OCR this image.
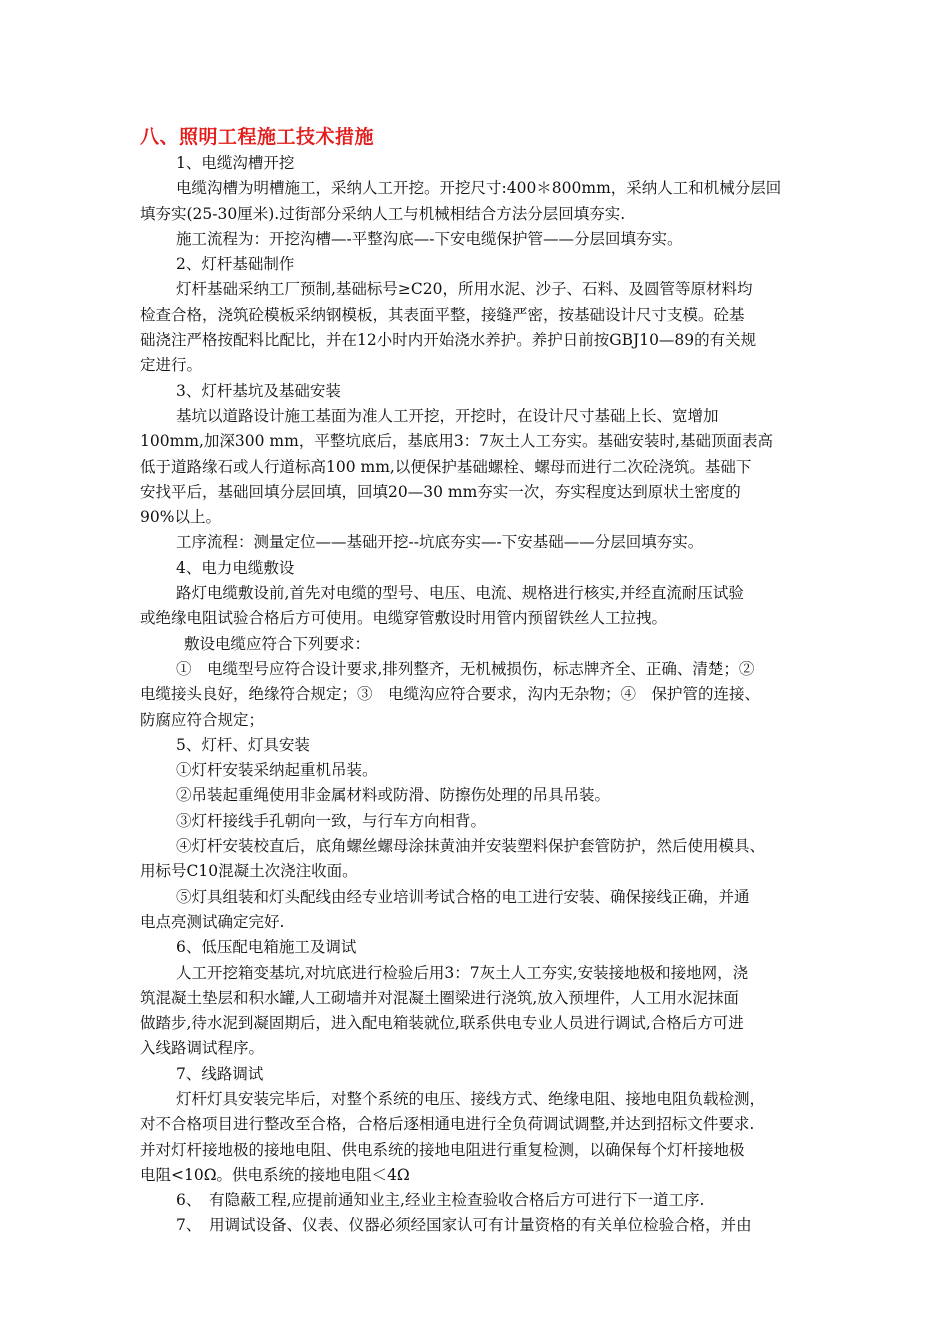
八、照明工程施工技术措施

1、电缆沟槽开挖

电缆沟槽为明槽施工，采纳人工开挖。开挖尺寸:400＊800mm，采纳人工和机械分层回

填夯实(25-30厘米).过街部分采纳人工与机械相结合方法分层回填夯实.

施工流程为：开挖沟槽—-平整沟底—-下安电缆保护管——分层回填夯实。

2、灯杆基础制作

灯杆基础采纳工厂预制,基础标号≥C20，所用水泥、沙子、石料、及圆管等原材料均

检查合格，浇筑砼模板采纳钢模板，其表面平整，接缝严密，按基础设计尺寸支模。砼基

础浇注严格按配料比配比，并在12小时内开始浇水养护。养护日前按GBJ10—89的有关规

定进行。

3、灯杆基坑及基础安装

基坑以道路设计施工基面为准人工开挖，开挖时，在设计尺寸基础上长、宽增加

100mm,加深300 mm，平整坑底后，基底用3：7灰土人工夯实。基础安装时,基础顶面表高

低于道路缘石或人行道标高100 mm,以便保护基础螺栓、螺母而进行二次砼浇筑。基础下

安找平后，基础回填分层回填，回填20—30 mm夯实一次，夯实程度达到原状土密度的

90%以上。

工序流程：测量定位——基础开挖--坑底夯实—-下安基础——分层回填夯实。

4、电力电缆敷设

路灯电缆敷设前,首先对电缆的型号、电压、电流、规格进行核实,并经直流耐压试验

或绝缘电阻试验合格后方可使用。电缆穿管敷设时用管内预留铁丝人工拉拽。

敷设电缆应符合下列要求：

①　电缆型号应符合设计要求,排列整齐，无机械损伤，标志牌齐全、正确、清楚；②

电缆接头良好，绝缘符合规定；③　电缆沟应符合要求，沟内无杂物；④　保护管的连接、

防腐应符合规定；

5、灯杆、灯具安装

①灯杆安装采纳起重机吊装。

②吊装起重绳使用非金属材料或防滑、防擦伤处理的吊具吊装。

③灯杆接线手孔朝向一致，与行车方向相背。

④灯杆安装校直后，底角螺丝螺母涂抹黄油并安装塑料保护套管防护，然后使用模具、

用标号C10混凝土次浇注收面。

⑤灯具组装和灯头配线由经专业培训考试合格的电工进行安装、确保接线正确，并通

电点亮测试确定完好.

6、低压配电箱施工及调试

人工开挖箱变基坑,对坑底进行检验后用3：7灰土人工夯实,安装接地极和接地网，浇

筑混凝土垫层和积水罐,人工砌墙并对混凝土圈梁进行浇筑,放入预埋件，人工用水泥抹面

做踏步,待水泥到凝固期后，进入配电箱装就位,联系供电专业人员进行调试,合格后方可进

入线路调试程序。

7、线路调试

灯杆灯具安装完毕后，对整个系统的电压、接线方式、绝缘电阻、接地电阻负载检测，

对不合格项目进行整改至合格，合格后逐相通电进行全负荷调试调整,并达到招标文件要求.

并对灯杆接地极的接地电阻、供电系统的接地电阻进行重复检测，以确保每个灯杆接地极

电阻<10Ω。供电系统的接地电阻＜4Ω

6、　有隐蔽工程,应提前通知业主,经业主检查验收合格后方可进行下一道工序.

7、　用调试设备、仪表、仪器必须经国家认可有计量资格的有关单位检验合格，并由
